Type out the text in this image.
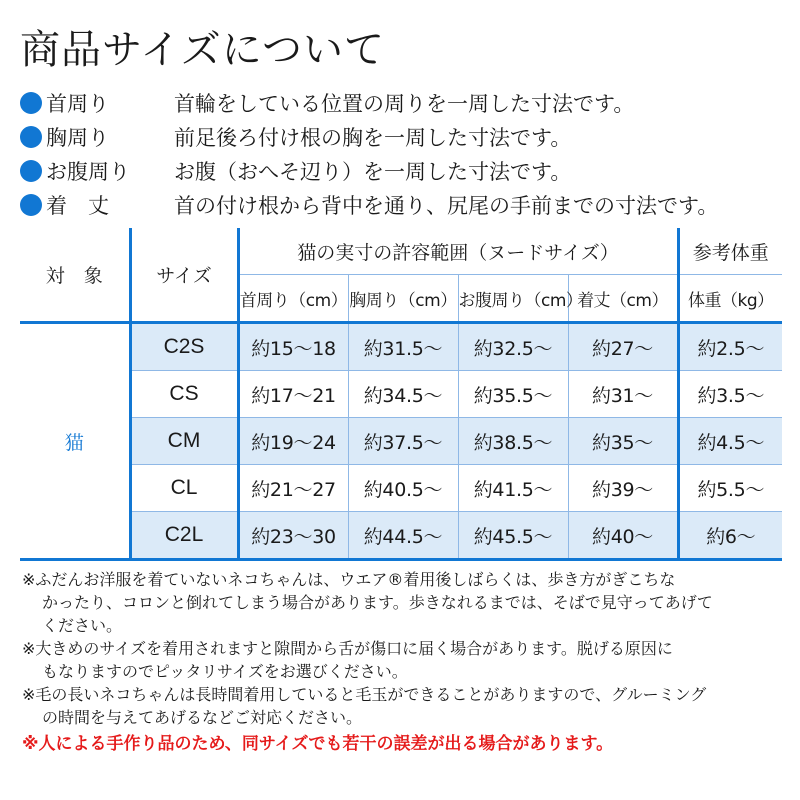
商品サイズについて
首周り	首輪をしている位置の周りを一周した寸法です。
胸周り	前足後ろ付け根の胸を一周した寸法です。
お腹周り	お腹（おへそ辺り）を一周した寸法です。
着　丈	首の付け根から背中を通り、尻尾の手前までの寸法です。
対　象	サイズ	猫の実寸の許容範囲（ヌードサイズ）				参考体重
		首周り（cm）	胸周り（cm）	お腹周り（cm）	着丈（cm）	体重（kg）
猫	C2S	約15～18	約31.5～	約32.5～	約27～	約2.5～
	CS	約17～21	約34.5～	約35.5～	約31～	約3.5～
	CM	約19～24	約37.5～	約38.5～	約35～	約4.5～
	CL	約21～27	約40.5～	約41.5～	約39～	約5.5～
	C2L	約23～30	約44.5～	約45.5～	約40～	約6～

※ふだんお洋服を着ていないネコちゃんは、ウエア®着用後しばらくは、歩き方がぎこちな

かったり、コロンと倒れてしまう場合があります。歩きなれるまでは、そばで見守ってあげて

ください。

※大きめのサイズを着用されますと隙間から舌が傷口に届く場合があります。脱げる原因に

もなりますのでピッタリサイズをお選びください。

※毛の長いネコちゃんは長時間着用していると毛玉ができることがありますので、グルーミング

の時間を与えてあげるなどご対応ください。

※人による手作り品のため、同サイズでも若干の誤差が出る場合があります。
